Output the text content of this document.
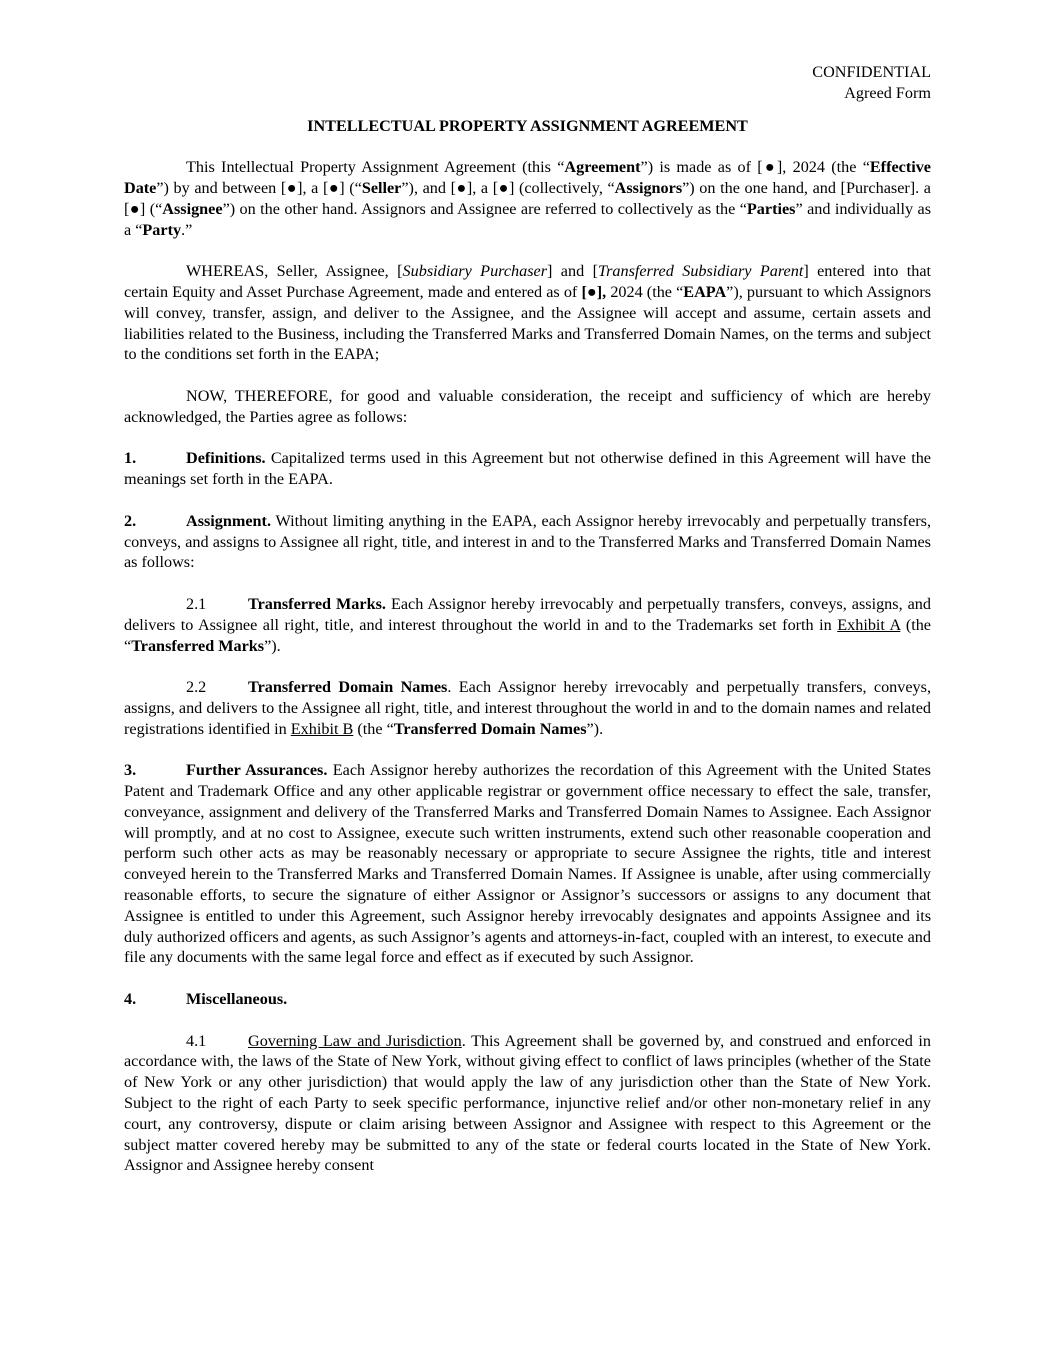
CONFIDENTIAL
Agreed Form
INTELLECTUAL PROPERTY ASSIGNMENT AGREEMENT

This Intellectual Property Assignment Agreement (this “Agreement”) is made as of [●], 2024 (the “Effective Date”) by and between [●], a [●] (“Seller”), and [●], a [●] (collectively, “Assignors”) on the one hand, and [Purchaser]. a [●] (“Assignee”) on the other hand. Assignors and Assignee are referred to collectively as the “Parties” and individually as a “Party.”

WHEREAS, Seller, Assignee, [Subsidiary Purchaser] and [Transferred Subsidiary Parent] entered into that certain Equity and Asset Purchase Agreement, made and entered as of [●], 2024 (the “EAPA”), pursuant to which Assignors will convey, transfer, assign, and deliver to the Assignee, and the Assignee will accept and assume, certain assets and liabilities related to the Business, including the Transferred Marks and Transferred Domain Names, on the terms and subject to the conditions set forth in the EAPA;

NOW, THEREFORE, for good and valuable consideration, the receipt and sufficiency of which are hereby acknowledged, the Parties agree as follows:

1.	Definitions. Capitalized terms used in this Agreement but not otherwise defined in this Agreement will have the meanings set forth in the EAPA.

2.	Assignment. Without limiting anything in the EAPA, each Assignor hereby irrevocably and perpetually transfers, conveys, and assigns to Assignee all right, title, and interest in and to the Transferred Marks and Transferred Domain Names as follows:

2.1	Transferred Marks. Each Assignor hereby irrevocably and perpetually transfers, conveys, assigns, and delivers to Assignee all right, title, and interest throughout the world in and to the Trademarks set forth in Exhibit A (the “Transferred Marks”).

2.2	Transferred Domain Names. Each Assignor hereby irrevocably and perpetually transfers, conveys, assigns, and delivers to the Assignee all right, title, and interest throughout the world in and to the domain names and related registrations identified in Exhibit B (the “Transferred Domain Names”).

3.	Further Assurances. Each Assignor hereby authorizes the recordation of this Agreement with the United States Patent and Trademark Office and any other applicable registrar or government office necessary to effect the sale, transfer, conveyance, assignment and delivery of the Transferred Marks and Transferred Domain Names to Assignee. Each Assignor will promptly, and at no cost to Assignee, execute such written instruments, extend such other reasonable cooperation and perform such other acts as may be reasonably necessary or appropriate to secure Assignee the rights, title and interest conveyed herein to the Transferred Marks and Transferred Domain Names. If Assignee is unable, after using commercially reasonable efforts, to secure the signature of either Assignor or Assignor’s successors or assigns to any document that Assignee is entitled to under this Agreement, such Assignor hereby irrevocably designates and appoints Assignee and its duly authorized officers and agents, as such Assignor’s agents and attorneys-in-fact, coupled with an interest, to execute and file any documents with the same legal force and effect as if executed by such Assignor.

4.	Miscellaneous.

4.1	Governing Law and Jurisdiction. This Agreement shall be governed by, and construed and enforced in accordance with, the laws of the State of New York, without giving effect to conflict of laws principles (whether of the State of New York or any other jurisdiction) that would apply the law of any jurisdiction other than the State of New York. Subject to the right of each Party to seek specific performance, injunctive relief and/or other non-monetary relief in any court, any controversy, dispute or claim arising between Assignor and Assignee with respect to this Agreement or the subject matter covered hereby may be submitted to any of the state or federal courts located in the State of New York. Assignor and Assignee hereby consent
